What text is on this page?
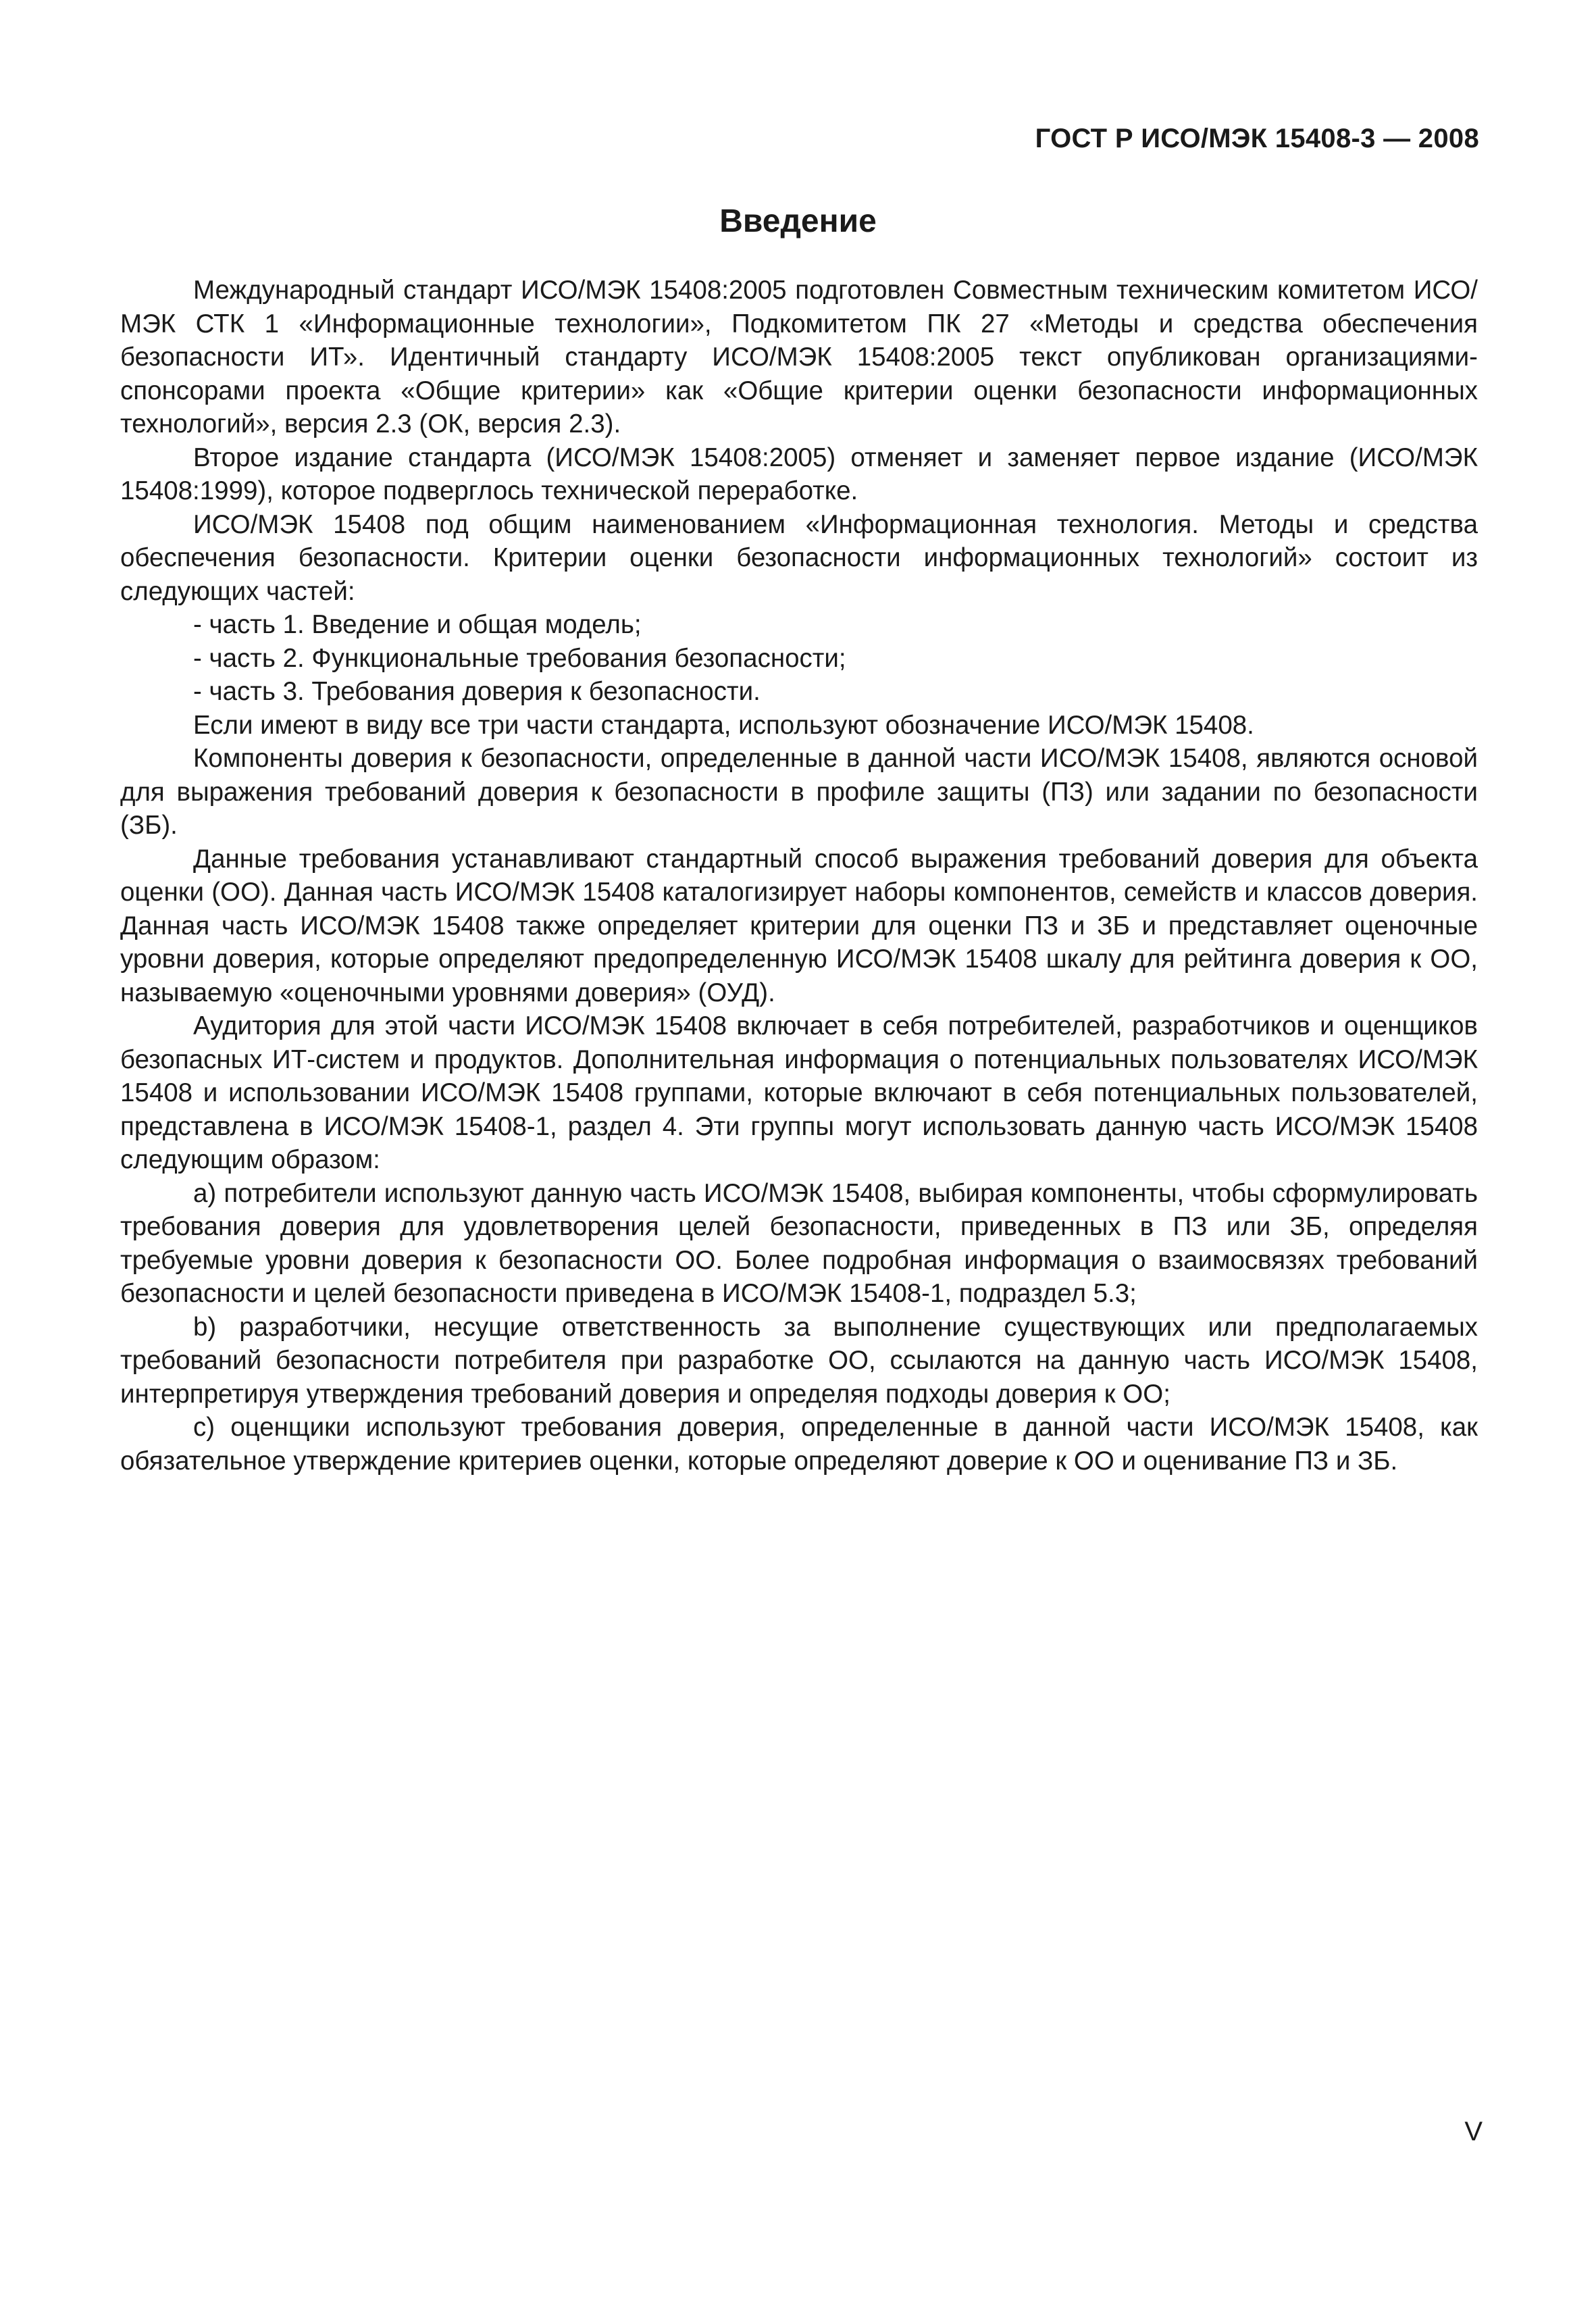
ГОСТ Р ИСО/МЭК 15408-3 — 2008
Введение

Международный стандарт ИСО/МЭК 15408:2005 подготовлен Совместным техническим комитетом ИСО/МЭК СТК 1 «Информационные технологии», Подкомитетом ПК 27 «Методы и средства обеспечения безопасности ИТ». Идентичный стандарту ИСО/МЭК 15408:2005 текст опубликован организациями-спонсорами проекта «Общие критерии» как «Общие критерии оценки безопасности информационных технологий», версия 2.3 (ОК, версия 2.3).

Второе издание стандарта (ИСО/МЭК 15408:2005) отменяет и заменяет первое издание (ИСО/МЭК 15408:1999), которое подверглось технической переработке.

ИСО/МЭК 15408 под общим наименованием «Информационная технология. Методы и средства обеспечения безопасности. Критерии оценки безопасности информационных технологий» состоит из следующих частей:

- часть 1. Введение и общая модель;

- часть 2. Функциональные требования безопасности;

- часть 3. Требования доверия к безопасности.

Если имеют в виду все три части стандарта, используют обозначение ИСО/МЭК 15408.

Компоненты доверия к безопасности, определенные в данной части ИСО/МЭК 15408, являются основой для выражения требований доверия к безопасности в профиле защиты (ПЗ) или задании по безопасности (ЗБ).

Данные требования устанавливают стандартный способ выражения требований доверия для объекта оценки (ОО). Данная часть ИСО/МЭК 15408 каталогизирует наборы компонентов, семейств и классов доверия. Данная часть ИСО/МЭК 15408 также определяет критерии для оценки ПЗ и ЗБ и представляет оценочные уровни доверия, которые определяют предопределенную ИСО/МЭК 15408 шкалу для рейтинга доверия к ОО, называемую «оценочными уровнями доверия» (ОУД).

Аудитория для этой части ИСО/МЭК 15408 включает в себя потребителей, разработчиков и оценщиков безопасных ИТ-систем и продуктов. Дополнительная информация о потенциальных пользователях ИСО/МЭК 15408 и использовании ИСО/МЭК 15408 группами, которые включают в себя потенциальных пользователей, представлена в ИСО/МЭК 15408-1, раздел 4. Эти группы могут использовать данную часть ИСО/МЭК 15408 следующим образом:

a) потребители используют данную часть ИСО/МЭК 15408, выбирая компоненты, чтобы сформулировать требования доверия для удовлетворения целей безопасности, приведенных в ПЗ или ЗБ, определяя требуемые уровни доверия к безопасности ОО. Более подробная информация о взаимосвязях требований безопасности и целей безопасности приведена в ИСО/МЭК 15408-1, подраздел 5.3;

b) разработчики, несущие ответственность за выполнение существующих или предполагаемых требований безопасности потребителя при разработке ОО, ссылаются на данную часть ИСО/МЭК 15408, интерпретируя утверждения требований доверия и определяя подходы доверия к ОО;

c) оценщики используют требования доверия, определенные в данной части ИСО/МЭК 15408, как обязательное утверждение критериев оценки, которые определяют доверие к ОО и оценивание ПЗ и ЗБ.

V
